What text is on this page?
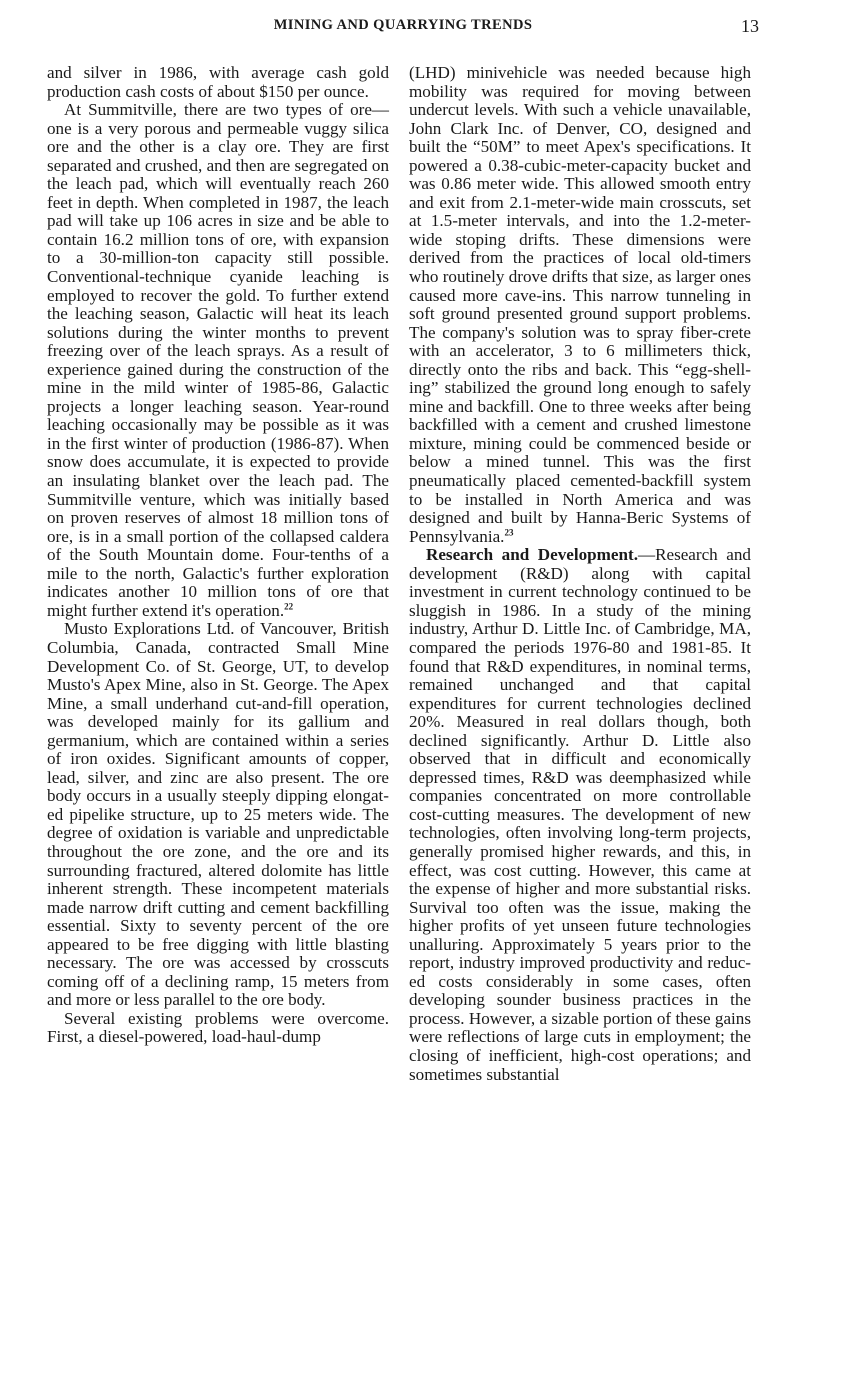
MINING AND QUARRYING TRENDS	13

and silver in 1986, with average cash gold production cash costs of about $150 per ounce.

At Summitville, there are two types of ore—one is a very porous and permeable vuggy silica ore and the other is a clay ore. They are first separated and crushed, and then are segregated on the leach pad, which will eventually reach 260 feet in depth. When completed in 1987, the leach pad will take up 106 acres in size and be able to contain 16.2 million tons of ore, with expansion to a 30-million-ton capacity still possible. Conventional-technique cyanide leaching is employed to recover the gold. To further extend the leaching season, Galactic will heat its leach solutions during the winter months to prevent freezing over of the leach sprays. As a result of experience gained during the construction of the mine in the mild winter of 1985-86, Galactic projects a longer leaching season. Year-round leaching occasionally may be possible as it was in the first winter of production (1986-87). When snow does accumulate, it is expected to provide an insulating blanket over the leach pad. The Summitville venture, which was initially based on proven reserves of almost 18 million tons of ore, is in a small portion of the collapsed caldera of the South Mountain dome. Four-tenths of a mile to the north, Galactic's further exploration indicates another 10 million tons of ore that might further extend it's operation.$^{22}$

Musto Explorations Ltd. of Vancouver, British Columbia, Canada, contracted Small Mine Development Co. of St. George, UT, to develop Musto's Apex Mine, also in St. George. The Apex Mine, a small underhand cut-and-fill operation, was developed mainly for its gallium and germanium, which are contained within a series of iron oxides. Significant amounts of copper, lead, silver, and zinc are also present. The ore body occurs in a usually steeply dipping elongated pipelike structure, up to 25 meters wide. The degree of oxidation is variable and unpredictable throughout the ore zone, and the ore and its surrounding fractured, altered dolomite has little inherent strength. These incompetent materials made narrow drift cutting and cement backfilling essential. Sixty to seventy percent of the ore appeared to be free digging with little blasting necessary. The ore was accessed by crosscuts coming off of a declining ramp, 15 meters from and more or less parallel to the ore body.

Several existing problems were overcome. First, a diesel-powered, load-haul-dump

(LHD) minivehicle was needed because high mobility was required for moving between undercut levels. With such a vehicle unavailable, John Clark Inc. of Denver, CO, designed and built the “50M” to meet Apex's specifications. It powered a 0.38-cubic-meter-capacity bucket and was 0.86 meter wide. This allowed smooth entry and exit from 2.1-meter-wide main crosscuts, set at 1.5-meter intervals, and into the 1.2-meter-wide stoping drifts. These dimensions were derived from the practices of local old-timers who routinely drove drifts that size, as larger ones caused more cave-ins. This narrow tunneling in soft ground presented ground support problems. The company's solution was to spray fiber-crete with an accelerator, 3 to 6 millimeters thick, directly onto the ribs and back. This “egg-shelling” stabilized the ground long enough to safely mine and backfill. One to three weeks after being backfilled with a cement and crushed limestone mixture, mining could be commenced beside or below a mined tunnel. This was the first pneumatically placed cemented-backfill system to be installed in North America and was designed and built by Hanna-Beric Systems of Pennsylvania.$^{23}$

Research and Development.—Research and development (R&D) along with capital investment in current technology continued to be sluggish in 1986. In a study of the mining industry, Arthur D. Little Inc. of Cambridge, MA, compared the periods 1976-80 and 1981-85. It found that R&D expenditures, in nominal terms, remained unchanged and that capital expenditures for current technologies declined 20%. Measured in real dollars though, both declined significantly. Arthur D. Little also observed that in difficult and economically depressed times, R&D was deemphasized while companies concentrated on more controllable cost-cutting measures. The development of new technologies, often involving long-term projects, generally promised higher rewards, and this, in effect, was cost cutting. However, this came at the expense of higher and more substantial risks. Survival too often was the issue, making the higher profits of yet unseen future technologies unalluring. Approximately 5 years prior to the report, industry improved productivity and reduced costs considerably in some cases, often developing sounder business practices in the process. However, a sizable portion of these gains were reflections of large cuts in employment; the closing of inefficient, high-cost operations; and sometimes substantial
